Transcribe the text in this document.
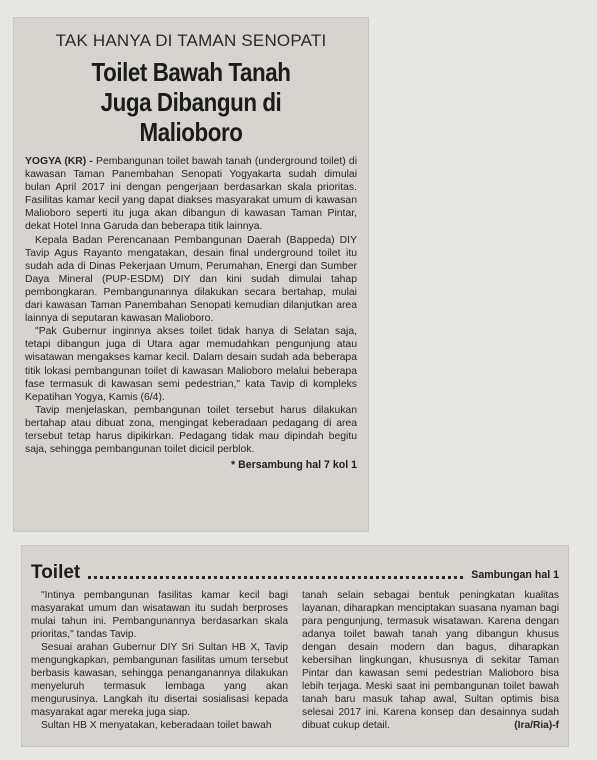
TAK HANYA DI TAMAN SENOPATI
Toilet Bawah Tanah
Juga Dibangun di Malioboro

YOGYA (KR) - Pembangunan toilet bawah tanah (underground toilet) di kawasan Taman Panembahan Senopati Yogyakarta sudah dimulai bulan April 2017 ini dengan pengerjaan berdasarkan skala prioritas. Fasilitas kamar kecil yang dapat diakses masyarakat umum di kawasan Malioboro seperti itu juga akan dibangun di kawasan Taman Pintar, dekat Hotel Inna Garuda dan beberapa titik lainnya.

Kepala Badan Perencanaan Pembangunan Daerah (Bappeda) DIY Tavip Agus Rayanto mengatakan, desain final underground toilet itu sudah ada di Dinas Pekerjaan Umum, Perumahan, Energi dan Sumber Daya Mineral (PUP-ESDM) DIY dan kini sudah dimulai tahap pembongkaran. Pembangunannya dilakukan secara bertahap, mulai dari kawasan Taman Panembahan Senopati kemudian dilanjutkan area lainnya di seputaran kawasan Malioboro.

"Pak Gubernur inginnya akses toilet tidak hanya di Selatan saja, tetapi dibangun juga di Utara agar memudahkan pengunjung atau wisatawan mengakses kamar kecil. Dalam desain sudah ada beberapa titik lokasi pembangunan toilet di kawasan Malioboro melalui beberapa fase termasuk di kawasan semi pedestrian," kata Tavip di kompleks Kepatihan Yogya, Kamis (6/4).

Tavip menjelaskan, pembangunan toilet tersebut harus dilakukan bertahap atau dibuat zona, mengingat keberadaan pedagang di area tersebut tetap harus dipikirkan. Pedagang tidak mau dipindah begitu saja, sehingga pembangunan toilet dicicil perblok.

* Bersambung hal 7 kol 1
Toilet	Sambungan hal 1

"Intinya pembangunan fasilitas kamar kecil bagi masyarakat umum dan wisatawan itu sudah berproses mulai tahun ini. Pembangunannya berdasarkan skala prioritas," tandas Tavip.

Sesuai arahan Gubernur DIY Sri Sultan HB X, Tavip mengungkapkan, pembangunan fasilitas umum tersebut berbasis kawasan, sehingga penanganannya dilakukan menyeluruh termasuk lembaga yang akan mengurusinya. Langkah itu disertai sosialisasi kepada masyarakat agar mereka juga siap.

Sultan HB X menyatakan, keberadaan toilet bawah

tanah selain sebagai bentuk peningkatan kualitas layanan, diharapkan menciptakan suasana nyaman bagi para pengunjung, termasuk wisatawan. Karena dengan adanya toilet bawah tanah yang dibangun khusus dengan desain modern dan bagus, diharapkan kebersihan lingkungan, khususnya di sekitar Taman Pintar dan kawasan semi pedestrian Malioboro bisa lebih terjaga. Meski saat ini pembangunan toilet bawah tanah baru masuk tahap awal, Sultan optimis bisa selesai 2017 ini. Karena konsep dan desainnya sudah dibuat cukup detail.	(Ira/Ria)-f
